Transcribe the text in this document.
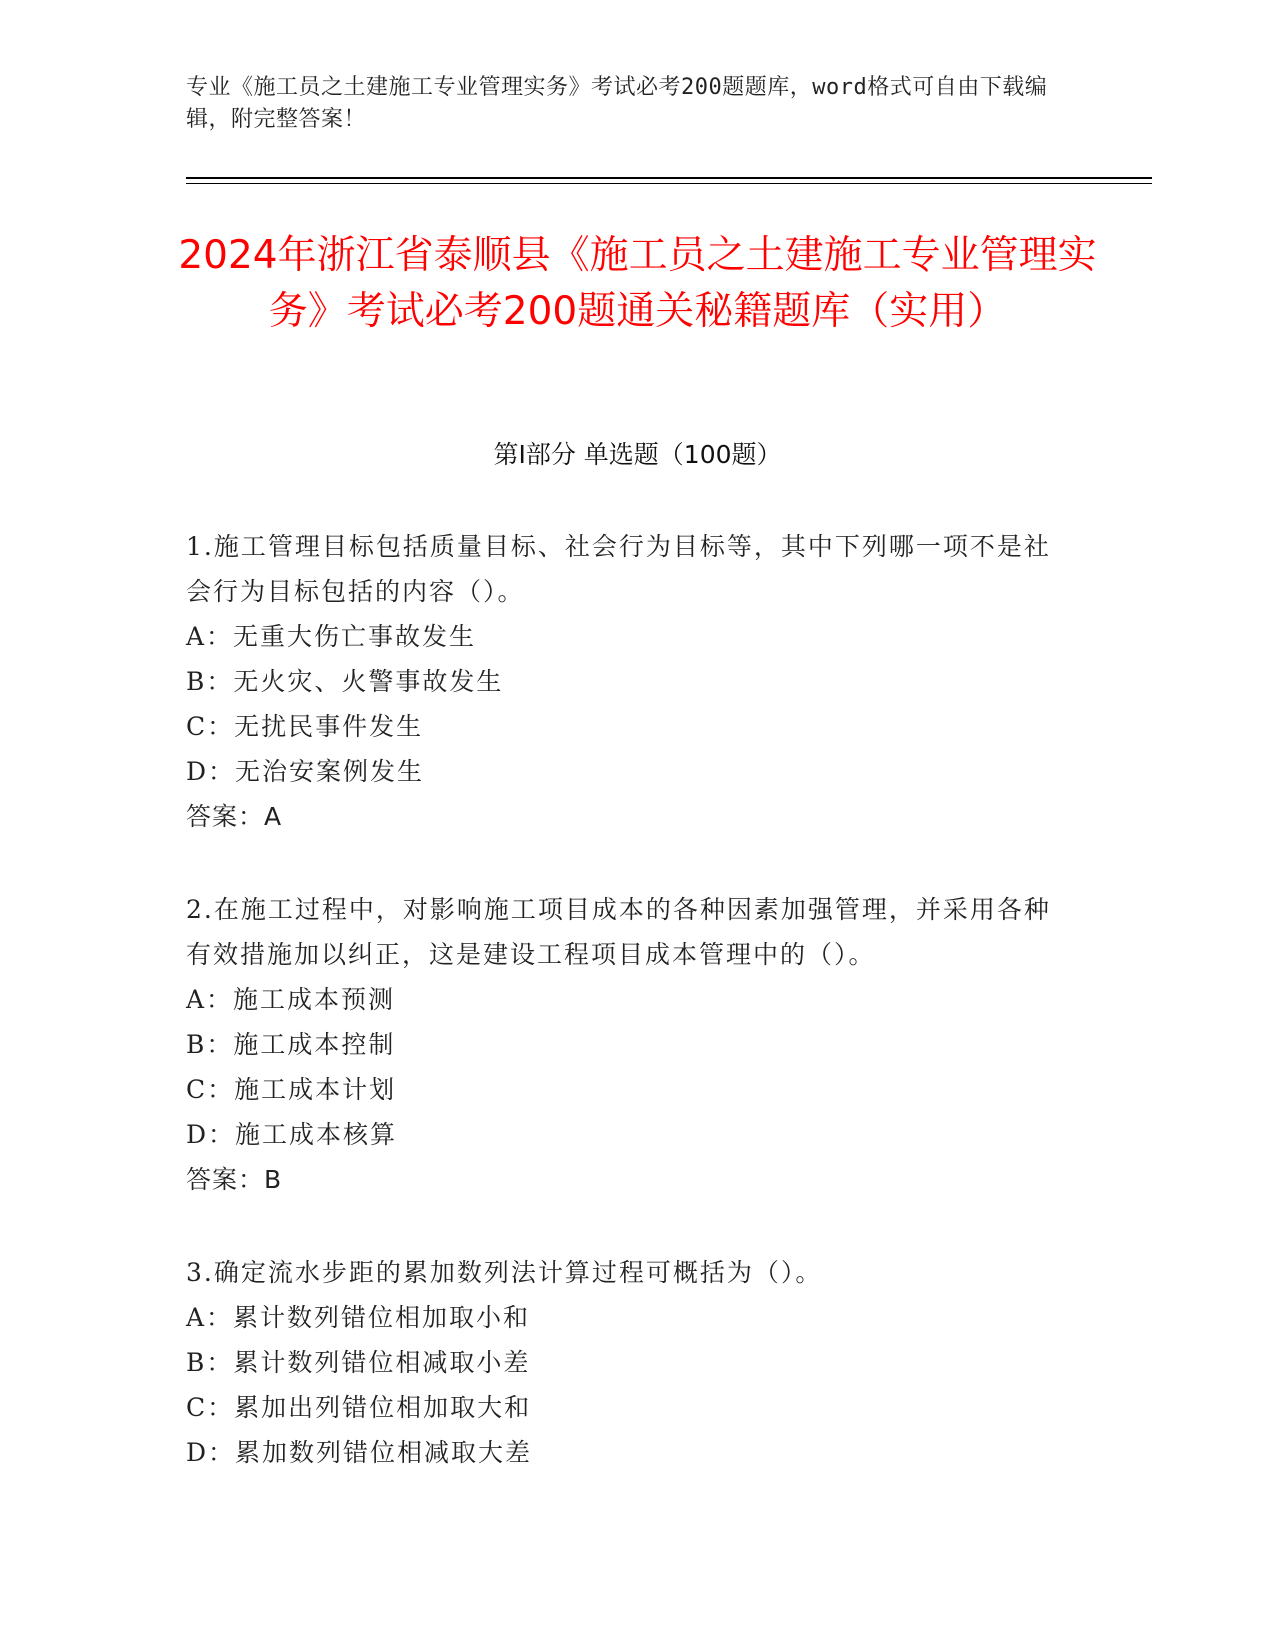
专业《施工员之土建施工专业管理实务》考试必考200题题库，word格式可自由下载编辑，附完整答案！
2024年浙江省泰顺县《施工员之土建施工专业管理实务》考试必考200题通关秘籍题库（实用）
第I部分 单选题（100题）

1.施工管理目标包括质量目标、社会行为目标等，其中下列哪一项不是社会行为目标包括的内容（）。

A：无重大伤亡事故发生

B：无火灾、火警事故发生

C：无扰民事件发生

D：无治安案例发生

答案：A

2.在施工过程中，对影响施工项目成本的各种因素加强管理，并采用各种有效措施加以纠正，这是建设工程项目成本管理中的（）。

A：施工成本预测

B：施工成本控制

C：施工成本计划

D：施工成本核算

答案：B

3.确定流水步距的累加数列法计算过程可概括为（）。

A：累计数列错位相加取小和

B：累计数列错位相减取小差

C：累加出列错位相加取大和

D：累加数列错位相减取大差
